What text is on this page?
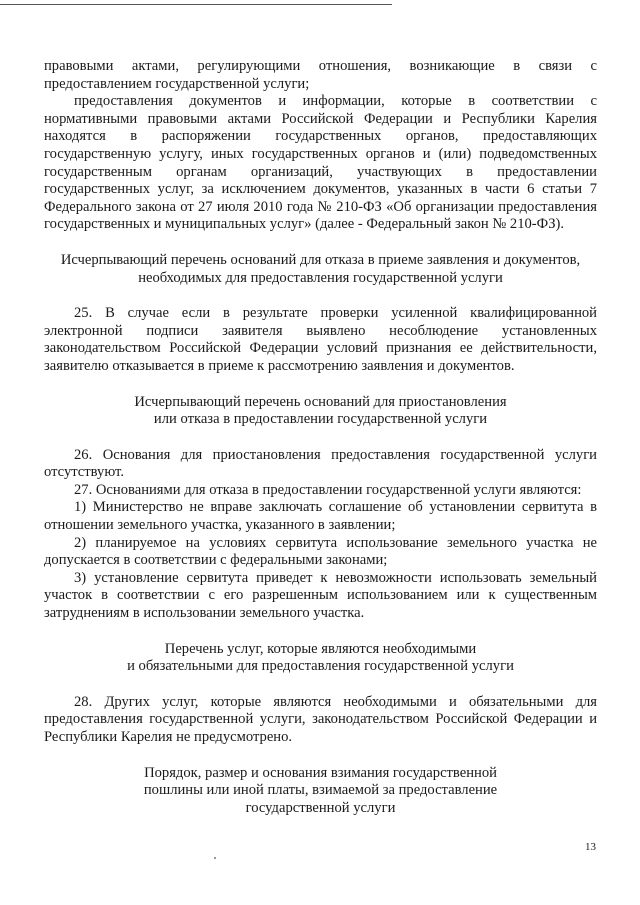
правовыми актами, регулирующими отношения, возникающие в связи с предоставлением государственной услуги;

предоставления документов и информации, которые в соответствии с нормативными правовыми актами Российской Федерации и Республики Карелия находятся в распоряжении государственных органов, предоставляющих государственную услугу, иных государственных органов и (или) подведомственных государственным органам организаций, участвующих в предоставлении государственных услуг, за исключением документов, указанных в части 6 статьи 7 Федерального закона от 27 июля 2010 года № 210-ФЗ «Об организации предоставления государственных и муниципальных услуг» (далее - Федеральный закон № 210-ФЗ).

Исчерпывающий перечень оснований для отказа в приеме заявления и документов,

необходимых для предоставления государственной услуги

25. В случае если в результате проверки усиленной квалифицированной электронной подписи заявителя выявлено несоблюдение установленных законодательством Российской Федерации условий признания ее действительности, заявителю отказывается в приеме к рассмотрению заявления и документов.

Исчерпывающий перечень оснований для приостановления

или отказа в предоставлении государственной услуги

26. Основания для приостановления предоставления государственной услуги отсутствуют.

27. Основаниями для отказа в предоставлении государственной услуги являются:

1) Министерство не вправе заключать соглашение об установлении сервитута в отношении земельного участка, указанного в заявлении;

2) планируемое на условиях сервитута использование земельного участка не допускается в соответствии с федеральными законами;

3) установление сервитута приведет к невозможности использовать земельный участок в соответствии с его разрешенным использованием или к существенным затруднениям в использовании земельного участка.

Перечень услуг, которые являются необходимыми

и обязательными для предоставления государственной услуги

28. Других услуг, которые являются необходимыми и обязательными для предоставления государственной услуги, законодательством Российской Федерации и Республики Карелия не предусмотрено.

Порядок, размер и основания взимания государственной

пошлины или иной платы, взимаемой за предоставление

государственной услуги

13
